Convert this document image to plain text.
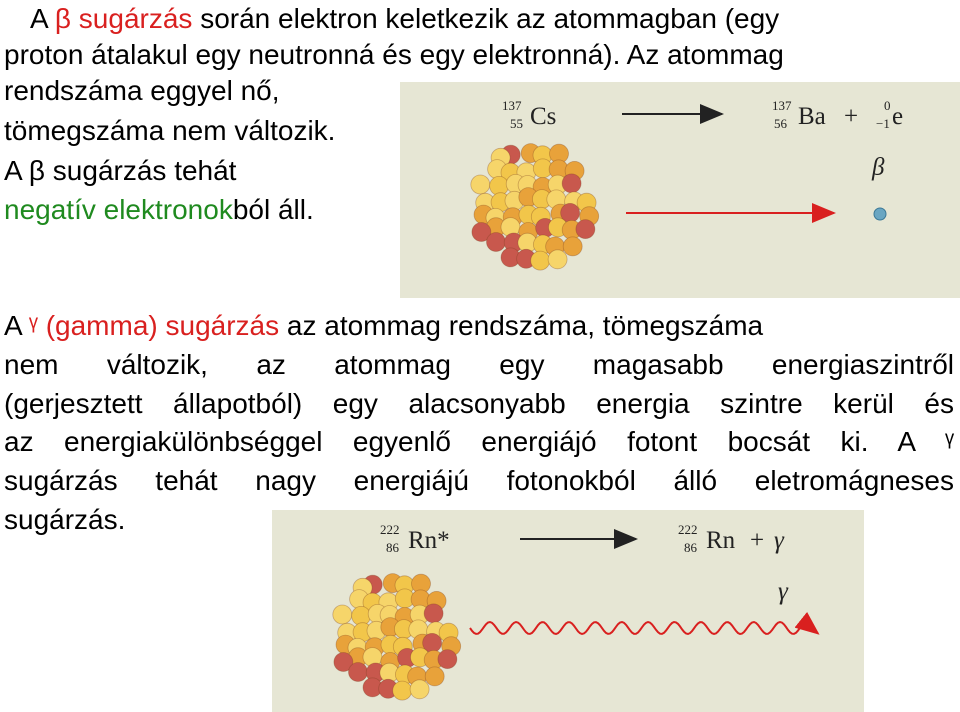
A β sugárzás során elektron keletkezik az atommagban (egy
proton átalakul egy neutronná és egy elektronná). Az atommag
rendszáma eggyel nő,
tömegszáma nem változik.
A β sugárzás tehát
negatív elektronokból áll.
137
55 Cs	137
56 Ba + 0
−1 e
β
A ᵞ (gamma) sugárzás az atommag rendszáma, tömegszáma
nem változik, az atommag egy magasabb energiaszintről
(gerjesztett állapotból) egy alacsonyabb energia szintre kerül és
az energiakülönbséggel egyenlő energiájó fotont bocsát ki. A ᵞ
sugárzás tehát nagy energiájú fotonokból álló eletromágneses
sugárzás.	222
86 Rn*	222
86 Rn + γ
γ
